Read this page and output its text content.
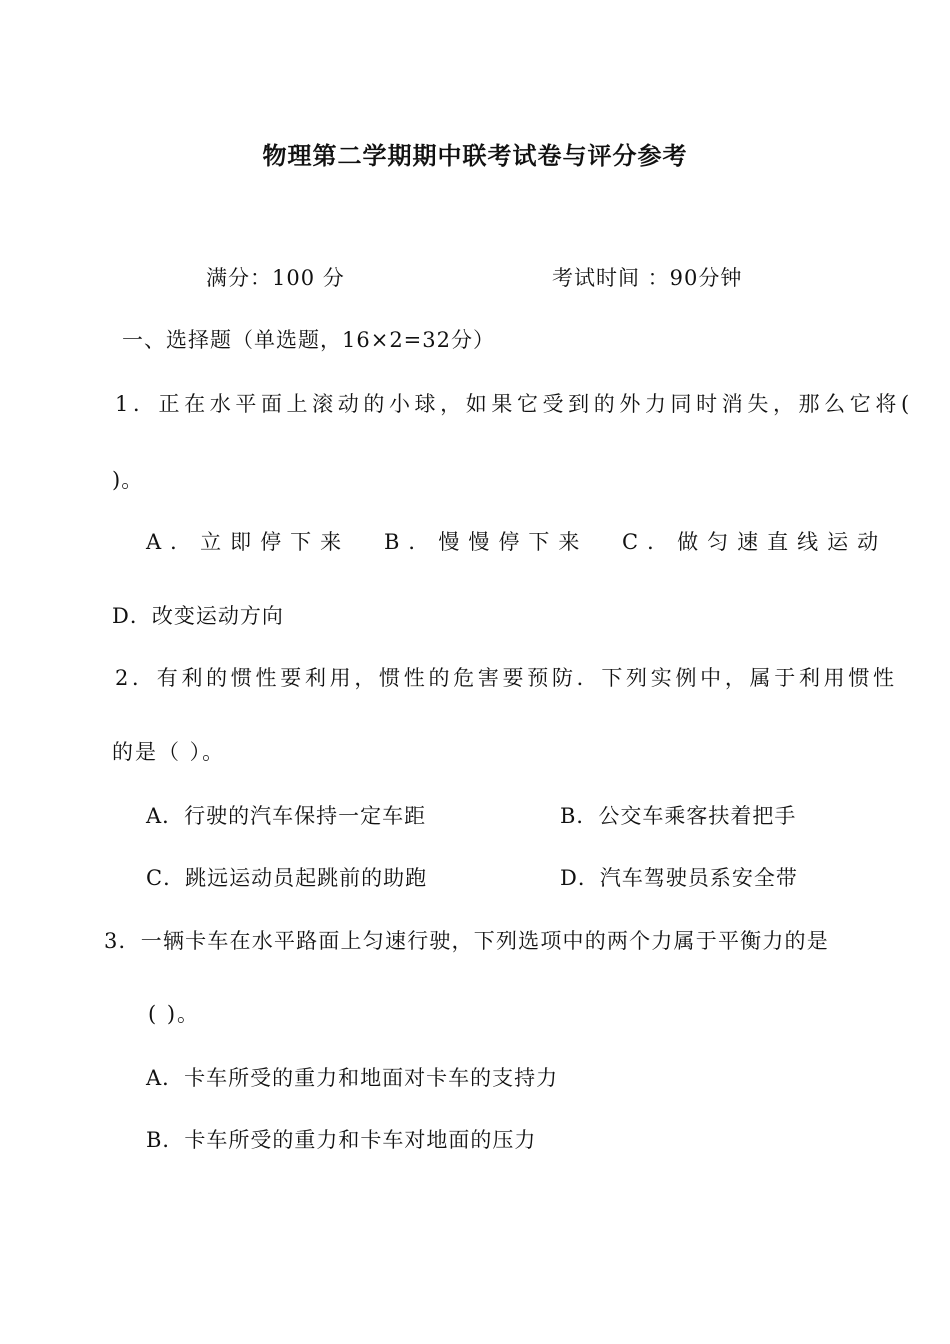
物理第二学期期中联考试卷与评分参考
满分：100 分	考试时间 ：90分钟
一、选择题（单选题，16×2=32分）
1．正在水平面上滚动的小球，如果它受到的外力同时消失，那么它将(
)。
A．立即停下来 B．慢慢停下来 C．做匀速直线运动
D．改变运动方向
2．有利的惯性要利用，惯性的危害要预防．下列实例中，属于利用惯性
的是（ ）。
A．行驶的汽车保持一定车距	B．公交车乘客扶着把手
C．跳远运动员起跳前的助跑	D．汽车驾驶员系安全带
3．一辆卡车在水平路面上匀速行驶，下列选项中的两个力属于平衡力的是
( )。
A．卡车所受的重力和地面对卡车的支持力
B．卡车所受的重力和卡车对地面的压力
